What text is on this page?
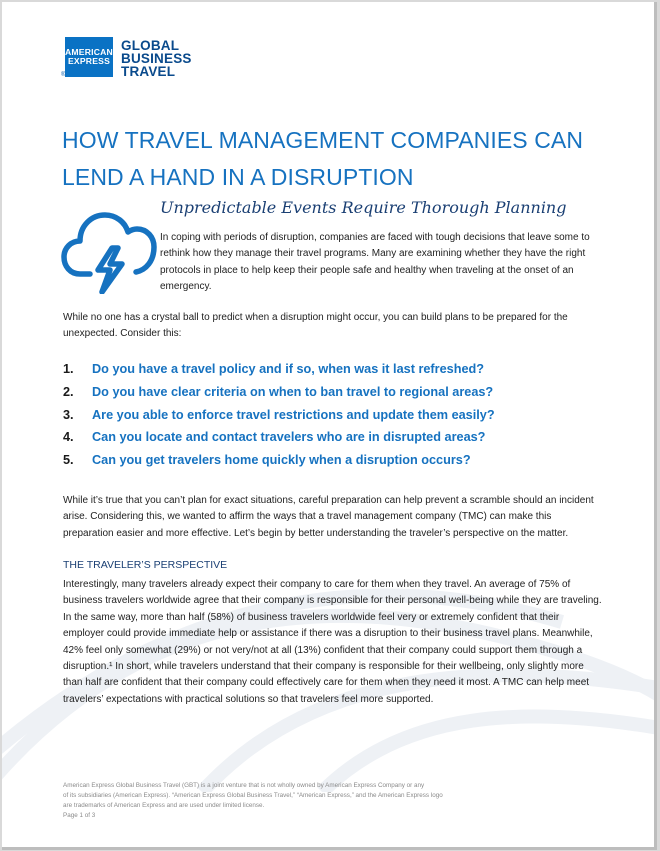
AMERICAN
EXPRESS
®
GLOBAL
BUSINESS
TRAVEL
HOW TRAVEL MANAGEMENT COMPANIES CAN
LEND A HAND IN A DISRUPTION
Unpredictable Events Require Thorough Planning

In coping with periods of disruption, companies are faced with tough decisions that leave some to rethink how they manage their travel programs. Many are examining whether they have the right protocols in place to help keep their people safe and healthy when traveling at the onset of an emergency.

While no one has a crystal ball to predict when a disruption might occur, you can build plans to be prepared for the unexpected. Consider this:

1.	Do you have a travel policy and if so, when was it last refreshed?
2.	Do you have clear criteria on when to ban travel to regional areas?
3.	Are you able to enforce travel restrictions and update them easily?
4.	Can you locate and contact travelers who are in disrupted areas?
5.	Can you get travelers home quickly when a disruption occurs?

While it’s true that you can’t plan for exact situations, careful preparation can help prevent a scramble should an incident arise. Considering this, we wanted to affirm the ways that a travel management company (TMC) can make this preparation easier and more effective. Let’s begin by better understanding the traveler’s perspective on the matter.

THE TRAVELER’S PERSPECTIVE

Interestingly, many travelers already expect their company to care for them when they travel. An average of 75% of business travelers worldwide agree that their company is responsible for their personal well-being while they are traveling. In the same way, more than half (58%) of business travelers worldwide feel very or extremely confident that their employer could provide immediate help or assistance if there was a disruption to their business travel plans. Meanwhile, 42% feel only somewhat (29%) or not very/not at all (13%) confident that their company could support them through a disruption.¹ In short, while travelers understand that their company is responsible for their wellbeing, only slightly more than half are confident that their company could effectively care for them when they need it most. A TMC can help meet travelers’ expectations with practical solutions so that travelers feel more supported.

American Express Global Business Travel (GBT) is a joint venture that is not wholly owned by American Express Company or any
of its subsidiaries (American Express). “American Express Global Business Travel,” “American Express,” and the American Express logo
are trademarks of American Express and are used under limited license.
Page 1 of 3
